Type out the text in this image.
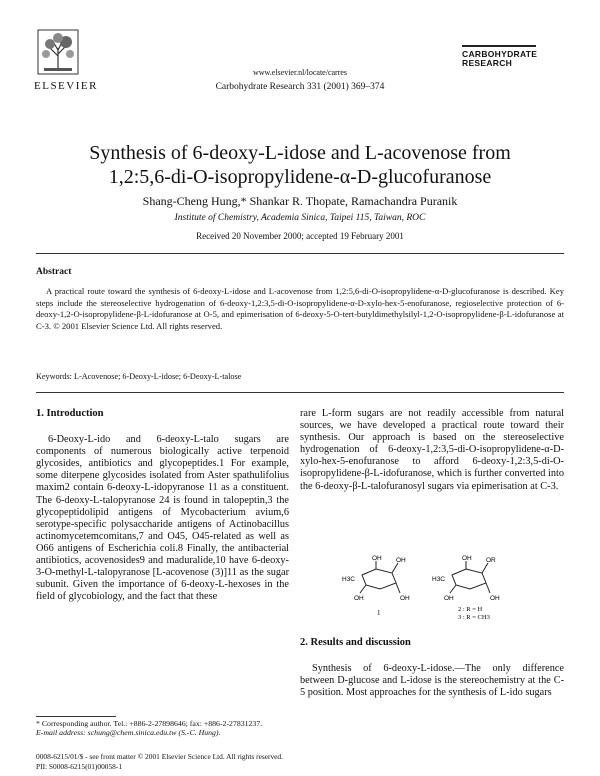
ELSEVIER
www.elsevier.nl/locate/carres
Carbohydrate Research 331 (2001) 369–374
CARBOHYDRATE
RESEARCH
Synthesis of 6-deoxy-L-idose and L-acovenose from
1,2:5,6-di-O-isopropylidene-α-D-glucofuranose
Shang-Cheng Hung,* Shankar R. Thopate, Ramachandra Puranik
Institute of Chemistry, Academia Sinica, Taipei 115, Taiwan, ROC
Received 20 November 2000; accepted 19 February 2001
Abstract
A practical route toward the synthesis of 6-deoxy-L-idose and L-acovenose from 1,2:5,6-di-O-isopropylidene-α-D-glucofuranose is described. Key steps include the stereoselective hydrogenation of 6-deoxy-1,2:3,5-di-O-isopropylidene-α-D-xylo-hex-5-enofuranose, regioselective protection of 6-deoxy-1,2-O-isopropylidene-β-L-idofuranose at O-5, and epimerisation of 6-deoxy-5-O-tert-butyldimethylsilyl-1,2-O-isopropylidene-β-L-idofuranose at C-3. © 2001 Elsevier Science Ltd. All rights reserved.
Keywords: L-Acovenose; 6-Deoxy-L-idose; 6-Deoxy-L-talose
1. Introduction
6-Deoxy-L-ido and 6-deoxy-L-talo sugars are components of numerous biologically active terpenoid glycosides, antibiotics and glycopeptides.1 For example, some diterpene glycosides isolated from Aster spathulifolius maxim2 contain 6-deoxy-L-idopyranose 11 as a constituent. The 6-deoxy-L-talopyranose 24 is found in talopeptin,3 the glycopeptidolipid antigens of Mycobacterium avium,6 serotype-specific polysaccharide antigens of Actinobacillus actinomycetemcomitans,7 and O45, O45-related as well as O66 antigens of Escherichia coli.8 Finally, the antibacterial antibiotics, acovenosides9 and maduralide,10 have 6-deoxy-3-O-methyl-L-talopyranose [L-acovenose (3)]11 as the sugar subunit. Given the importance of 6-deoxy-L-hexoses in the field of glycobiology, and the fact that these
rare L-form sugars are not readily accessible from natural sources, we have developed a practical route toward their synthesis. Our approach is based on the stereoselective hydrogenation of 6-deoxy-1,2:3,5-di-O-isopropylidene-α-D-xylo-hex-5-enofuranose to afford 6-deoxy-1,2:3,5-di-O-isopropylidene-β-L-idofuranose, which is further converted into the 6-deoxy-β-L-talofuranosyl sugars via epimerisation at C-3.
OH OH
H3C
OH	OH
1
OH OR
H3C
OH	OH
2 : R = H
3 : R = CH3
2. Results and discussion
Synthesis of 6-deoxy-L-idose.—The only difference between D-glucose and L-idose is the stereochemistry at the C-5 position. Most approaches for the synthesis of L-ido sugars
* Corresponding author. Tel.: +886-2-27898646; fax: +886-2-27831237.
E-mail address: schung@chem.sinica.edu.tw (S.-C. Hung).
0008-6215/01/$ - see front matter © 2001 Elsevier Science Ltd. All rights reserved.
PII: S0008-6215(01)00058-1
